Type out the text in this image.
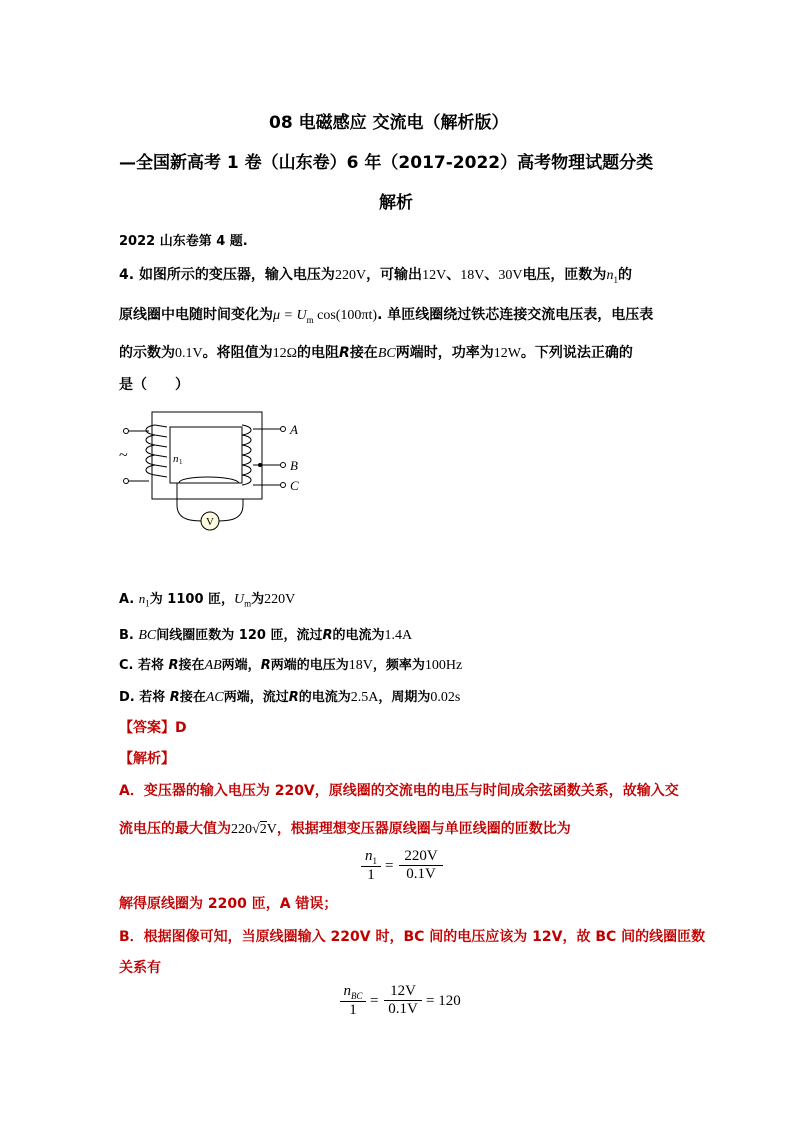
08 电磁感应 交流电（解析版）
—全国新高考 1 卷（山东卷）6 年（2017-2022）高考物理试题分类
解析
2022 山东卷第 4 题.
4. 如图所示的变压器，输入电压为220V，可输出12V、18V、30V电压，匝数为$n_1$的
原线圈中电随时间变化为$\mu = U_m$ cos(100πt). 单匝线圈绕过铁芯连接交流电压表，电压表
的示数为0.1V。将阻值为12Ω的电阻R接在BC两端时，功率为12W。下列说法正确的
是（　　）
V
~	n 1
A
B
C
A. $n_1$为 1100 匝，$U_m$为220V
B. BC间线圈匝数为 120 匝，流过R的电流为1.4A
C. 若将 R接在AB两端，R两端的电压为18V，频率为100Hz
D. 若将 R接在AC两端，流过R的电流为2.5A，周期为0.02s
【答案】D
【解析】
A．变压器的输入电压为 220V，原线圈的交流电的电压与时间成余弦函数关系，故输入交
流电压的最大值为220√2V，根据理想变压器原线圈与单匝线圈的匝数比为
$\frac{n_1}{1} = \frac{220V}{0.1V}$
解得原线圈为 2200 匝，A 错误；
B．根据图像可知，当原线圈输入 220V 时，BC 间的电压应该为 12V，故 BC 间的线圈匝数
关系有
$n_{BC}$
1
= $\frac{12V}{0.1V} = 120$
